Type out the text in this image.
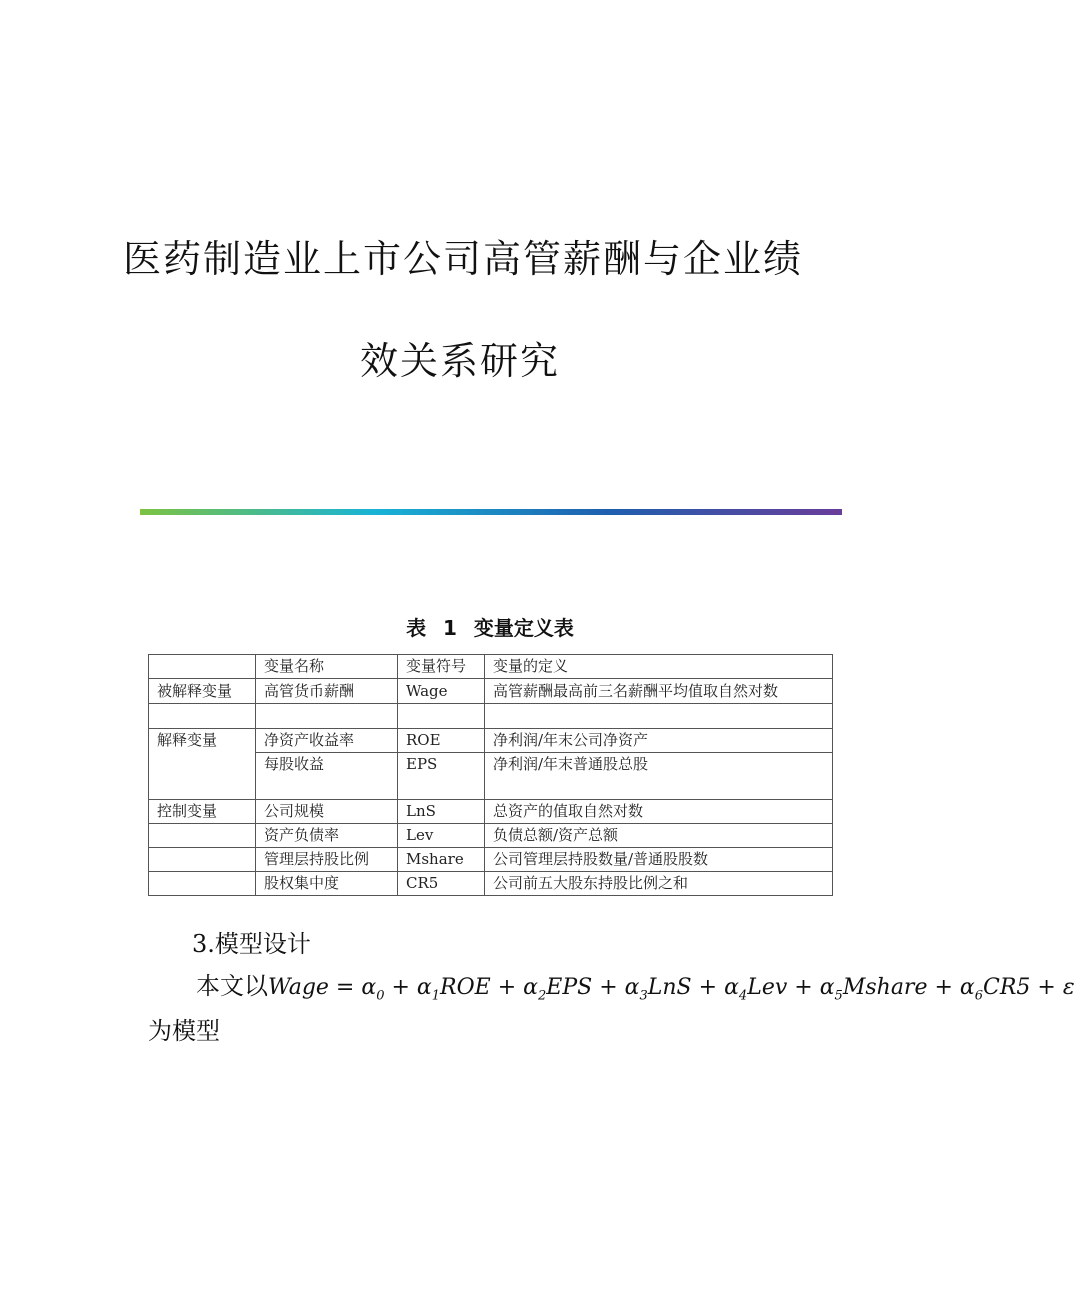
医药制造业上市公司高管薪酬与企业绩
效关系研究
表 1 变量定义表
	变量名称	变量符号	变量的定义
被解释变量	高管货币薪酬	Wage	高管薪酬最高前三名薪酬平均值取自然对数

解释变量	净资产收益率	ROE	净利润/年末公司净资产
	每股收益	EPS	净利润/年末普通股总股

控制变量	公司规模	LnS	总资产的值取自然对数
	资产负债率	Lev	负债总额/资产总额
	管理层持股比例	Mshare	公司管理层持股数量/普通股股数
	股权集中度	CR5	公司前五大股东持股比例之和
3.模型设计
本文以Wage = $\alpha_0 + \alpha_1ROE + \alpha_2EPS + \alpha_3LnS + \alpha_4Lev$ + $\alpha_5Mshare + \alpha_6CR5 + \varepsilon$
为模型
